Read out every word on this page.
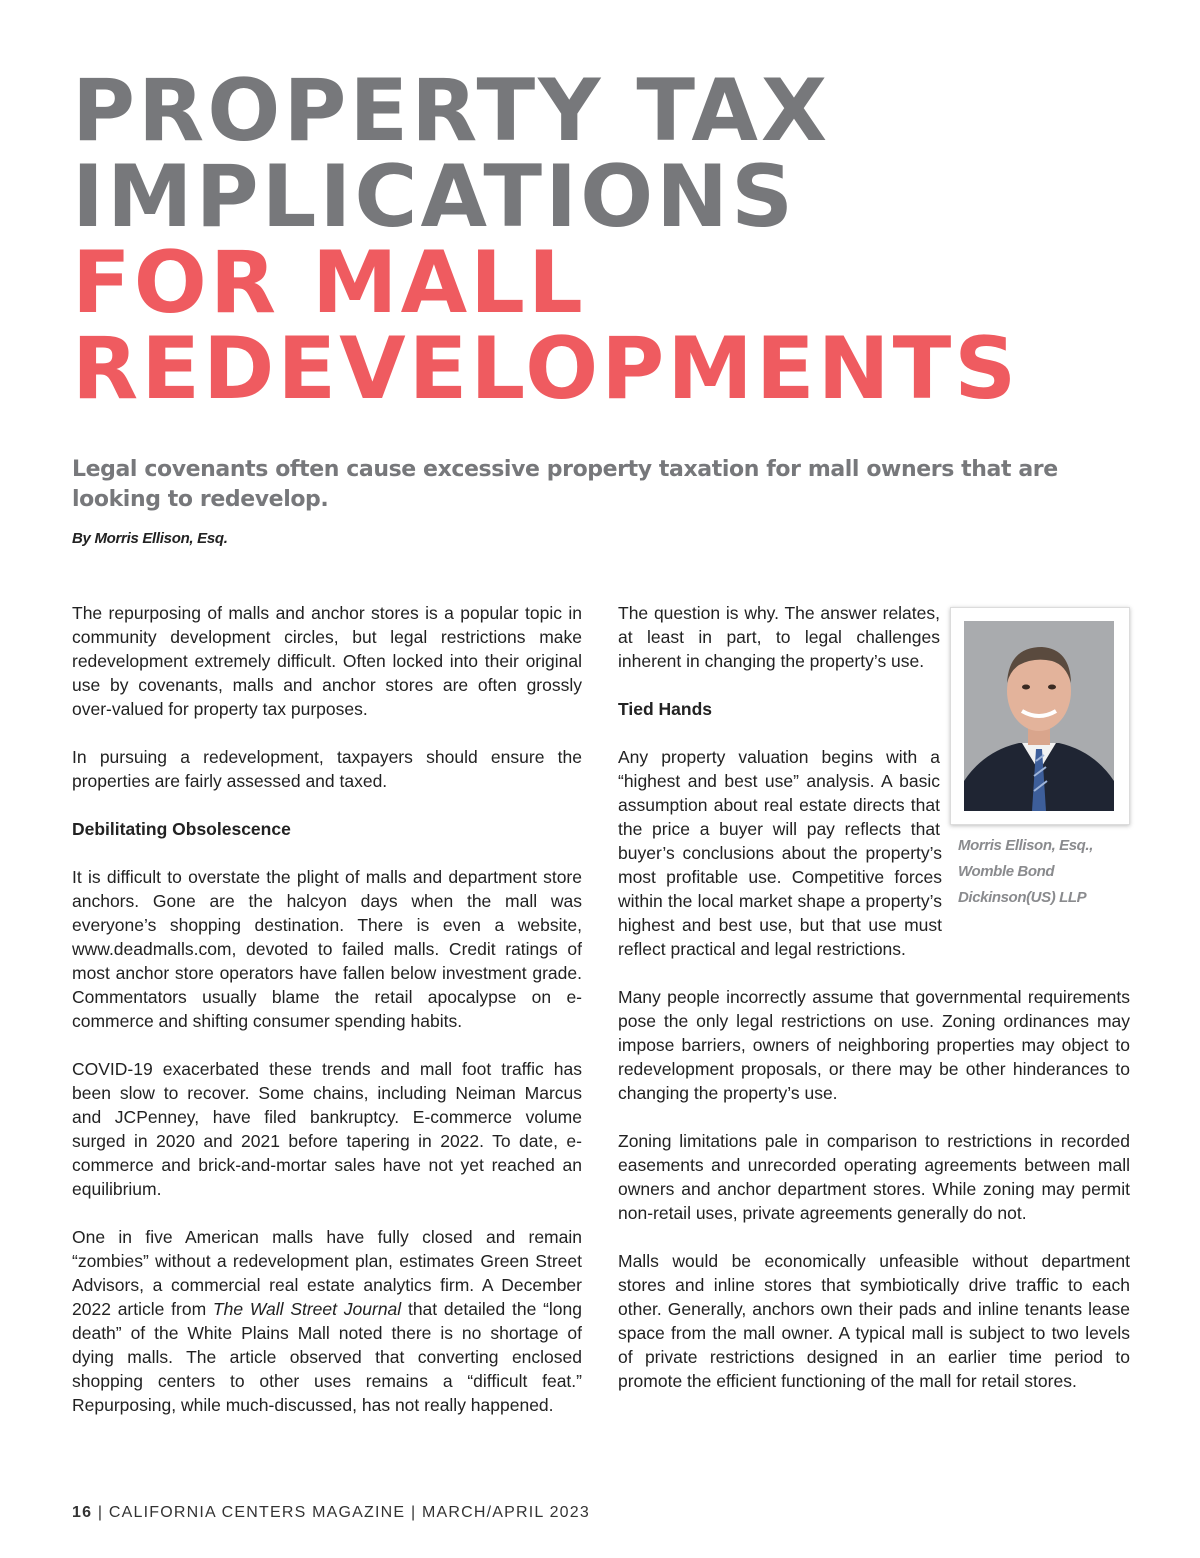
PROPERTY TAX
IMPLICATIONS
FOR MALL
REDEVELOPMENTS
Legal covenants often cause excessive property taxation for mall owners that are looking to redevelop.
By Morris Ellison, Esq.

The repurposing of malls and anchor stores is a popular topic in community development circles, but legal restrictions make redevelopment extremely difficult. Often locked into their original use by covenants, malls and anchor stores are often grossly over-valued for property tax purposes.

In pursuing a redevelopment, taxpayers should ensure the properties are fairly assessed and taxed.

Debilitating Obsolescence

It is difficult to overstate the plight of malls and department store anchors. Gone are the halcyon days when the mall was everyone’s shopping destination. There is even a website, www.deadmalls.com, devoted to failed malls. Credit ratings of most anchor store operators have fallen below investment grade. Commentators usually blame the retail apocalypse on e-commerce and shifting consumer spending habits.

COVID-19 exacerbated these trends and mall foot traffic has been slow to recover. Some chains, including Neiman Marcus and JCPenney, have filed bankruptcy. E-commerce volume surged in 2020 and 2021 before tapering in 2022. To date, e-commerce and brick-and-mortar sales have not yet reached an equilibrium.

One in five American malls have fully closed and remain “zombies” without a redevelopment plan, estimates Green Street Advisors, a commercial real estate analytics firm. A December 2022 article from The Wall Street Journal that detailed the “long death” of the White Plains Mall noted there is no shortage of dying malls. The article observed that converting enclosed shopping centers to other uses remains a “difficult feat.” Repurposing, while much-discussed, has not really happened.

Morris Ellison, Esq.,
Womble Bond
Dickinson(US) LLP

The question is why. The answer relates, at least in part, to legal challenges inherent in changing the property’s use.

Tied Hands

Any property valuation begins with a “highest and best use” analysis. A basic assumption about real estate directs that the price a buyer will pay reflects that buyer’s conclusions about the property’s most profitable use. Competitive forces within the local market shape a property’s highest and best use, but that use must reflect practical and legal restrictions.

Many people incorrectly assume that governmental requirements pose the only legal restrictions on use. Zoning ordinances may impose barriers, owners of neighboring properties may object to redevelopment proposals, or there may be other hinderances to changing the property’s use.

Zoning limitations pale in comparison to restrictions in recorded easements and unrecorded operating agreements between mall owners and anchor department stores. While zoning may permit non-retail uses, private agreements generally do not.

Malls would be economically unfeasible without department stores and inline stores that symbiotically drive traffic to each other. Generally, anchors own their pads and inline tenants lease space from the mall owner. A typical mall is subject to two levels of private restrictions designed in an earlier time period to promote the efficient functioning of the mall for retail stores.

16 | CALIFORNIA CENTERS MAGAZINE | MARCH/APRIL 2023
